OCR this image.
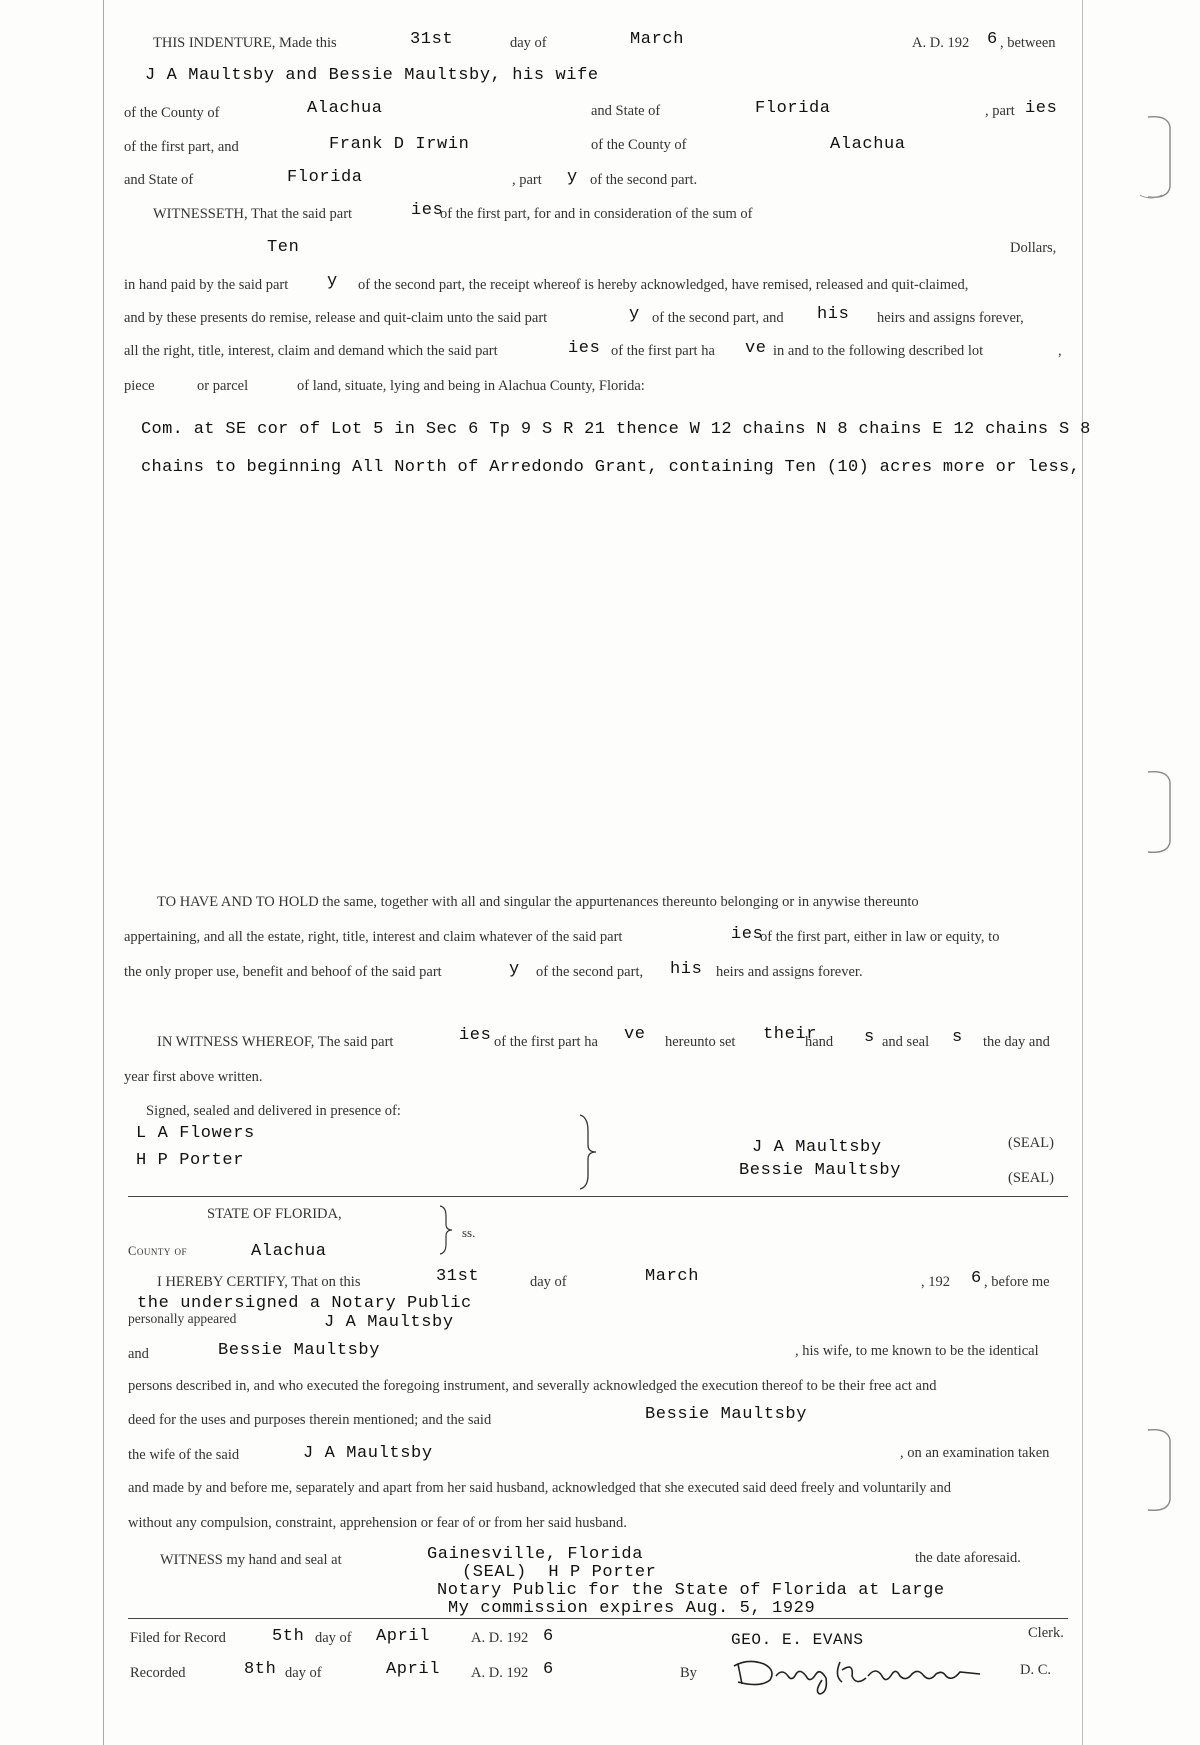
THIS INDENTURE, Made this	31st	day of	March	A. D. 192 6 , between
J A Maultsby and Bessie Maultsby, his wife
of the County of	Alachua	and State of	Florida	, part ies
of the first part, and	Frank D Irwin	of the County of	Alachua
and State of	Florida	, part y of the second part.
WITNESSETH, That the said part	ies
of the first part, for and in consideration of the sum of
Ten	Dollars,
in hand paid by the said part y of the second part, the receipt whereof is hereby acknowledged, have remised, released and quit-claimed,
and by these presents do remise, release and quit-claim unto the said part	y of the second part, and his heirs and assigns forever,
all the right, title, interest, claim and demand which the said part	ies of the first part ha ve in and to the following described lot	,
piece	or parcel	of land, situate, lying and being in Alachua County, Florida:
Com. at SE cor of Lot 5 in Sec 6 Tp 9 S R 21 thence W 12 chains N 8 chains E 12 chains S 8
chains to beginning All North of Arredondo Grant, containing Ten (10) acres more or less,
TO HAVE AND TO HOLD the same, together with all and singular the appurtenances thereunto belonging or in anywise thereunto
appertaining, and all the estate, right, title, interest and claim whatever of the said part	ies
of the first part, either in law or equity, to
the only proper use, benefit and behoof of the said part	y of the second part, his heirs and assigns forever.
IN WITNESS WHEREOF, The said part	ies of the first part ha ve hereunto set their
hand s and seal s the day and
year first above written.
Signed, sealed and delivered in presence of:
L A Flowers
H P Porter
J A Maultsby
Bessie Maultsby
(SEAL)
(SEAL)
STATE OF FLORIDA,
County of	Alachua
ss.
I HEREBY CERTIFY, That on this	31st	day of	March	, 192 6 , before me
the undersigned a Notary Public
personally appeared	J A Maultsby
and	Bessie Maultsby	, his wife, to me known to be the identical
persons described in, and who executed the foregoing instrument, and severally acknowledged the execution thereof to be their free act and
deed for the uses and purposes therein mentioned; and the said	Bessie Maultsby
the wife of the said	J A Maultsby	, on an examination taken
and made by and before me, separately and apart from her said husband, acknowledged that she executed said deed freely and voluntarily and
without any compulsion, constraint, apprehension or fear of or from her said husband.
WITNESS my hand and seal at	Gainesville, Florida	the date aforesaid.
(SEAL)  H P Porter
Notary Public for the State of Florida at Large
My commission expires Aug. 5, 1929
Filed for Record	5th day of April	A. D. 192 6	GEO. E. EVANS	Clerk.
Recorded	8th day of	April A. D. 192 6	By	D. C.
